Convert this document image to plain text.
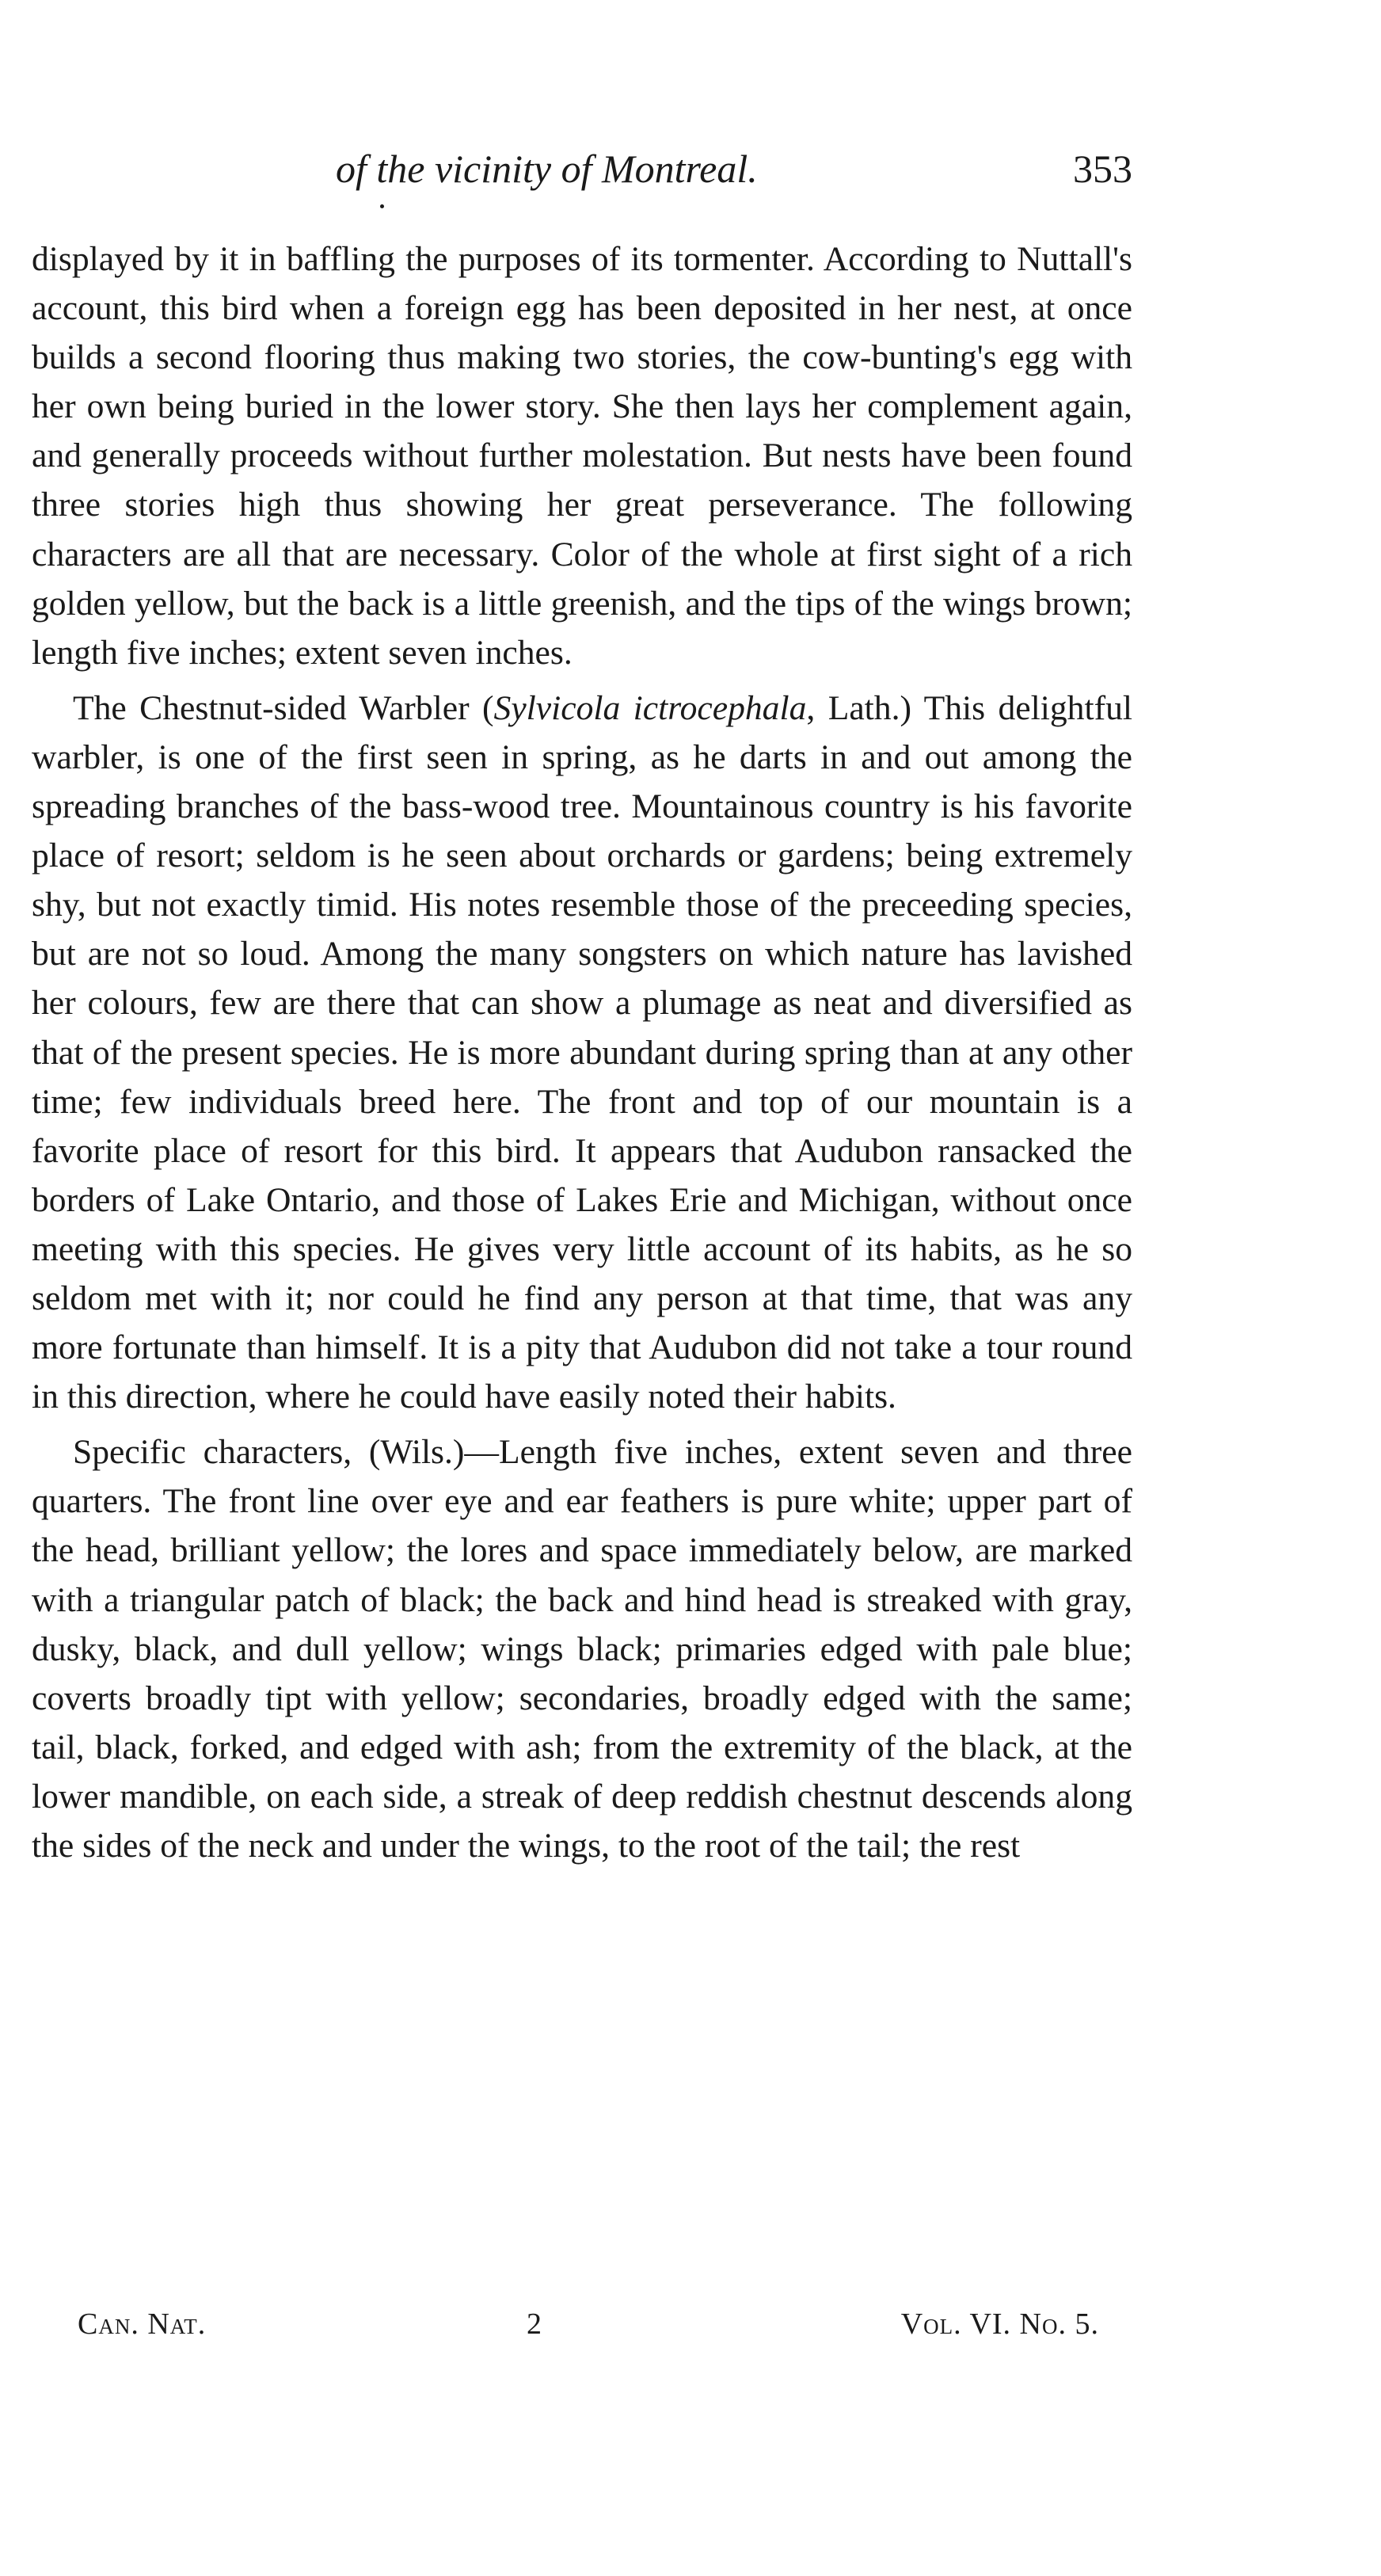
of the vicinity of Montreal.	353

displayed by it in baffling the purposes of its tormenter. According to Nuttall's account, this bird when a foreign egg has been deposited in her nest, at once builds a second flooring thus making two stories, the cow-bunting's egg with her own being buried in the lower story. She then lays her complement again, and generally proceeds without further molestation. But nests have been found three stories high thus showing her great perseverance. The following characters are all that are necessary. Color of the whole at first sight of a rich golden yellow, but the back is a little greenish, and the tips of the wings brown; length five inches; extent seven inches.

The Chestnut-sided Warbler (Sylvicola ictrocephala, Lath.) This delightful warbler, is one of the first seen in spring, as he darts in and out among the spreading branches of the bass-wood tree. Mountainous country is his favorite place of resort; seldom is he seen about orchards or gardens; being extremely shy, but not exactly timid. His notes resemble those of the preceeding species, but are not so loud. Among the many songsters on which nature has lavished her colours, few are there that can show a plumage as neat and diversified as that of the present species. He is more abundant during spring than at any other time; few individuals breed here. The front and top of our mountain is a favorite place of resort for this bird. It appears that Audubon ransacked the borders of Lake Ontario, and those of Lakes Erie and Michigan, without once meeting with this species. He gives very little account of its habits, as he so seldom met with it; nor could he find any person at that time, that was any more fortunate than himself. It is a pity that Audubon did not take a tour round in this direction, where he could have easily noted their habits.

Specific characters, (Wils.)—Length five inches, extent seven and three quarters. The front line over eye and ear feathers is pure white; upper part of the head, brilliant yellow; the lores and space immediately below, are marked with a triangular patch of black; the back and hind head is streaked with gray, dusky, black, and dull yellow; wings black; primaries edged with pale blue; coverts broadly tipt with yellow; secondaries, broadly edged with the same; tail, black, forked, and edged with ash; from the extremity of the black, at the lower mandible, on each side, a streak of deep reddish chestnut descends along the sides of the neck and under the wings, to the root of the tail; the rest

Can. Nat.	2	Vol. VI. No. 5.
